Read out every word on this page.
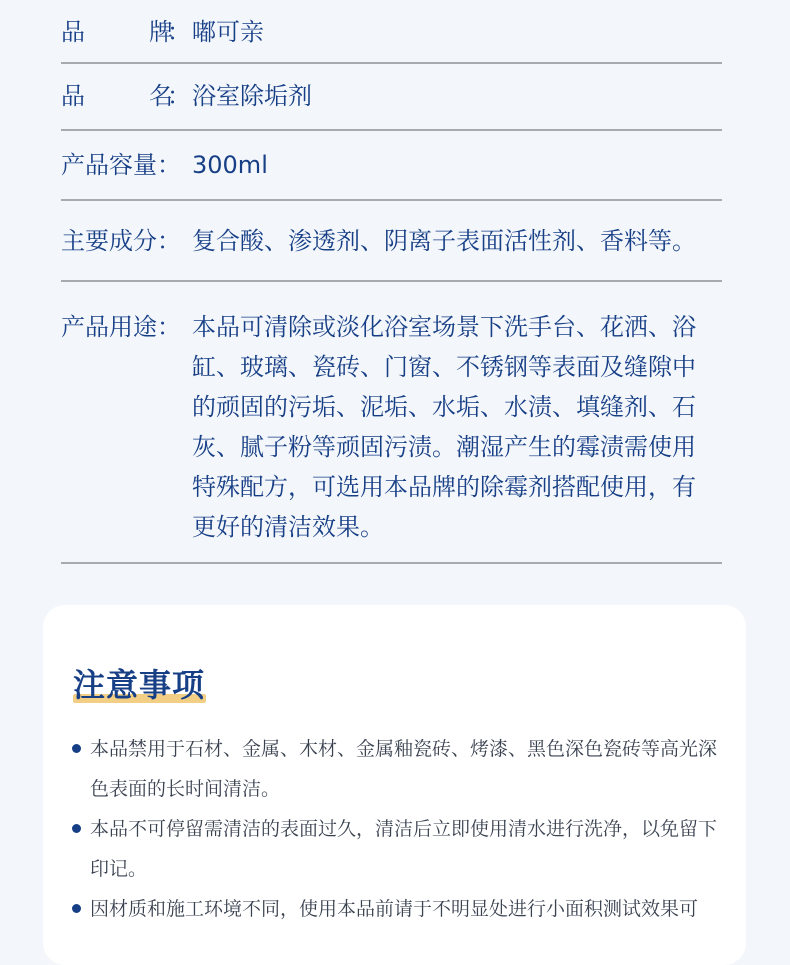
品	牌
： 嘟可亲
品	名
： 浴室除垢剂
产品容量： 300ml
主要成分： 复合酸、渗透剂、阴离子表面活性剂、香料等。
产品用途： 本品可清除或淡化浴室场景下洗手台、花洒、浴缸、玻璃、瓷砖、门窗、不锈钢等表面及缝隙中的顽固的污垢、泥垢、水垢、水渍、填缝剂、石灰、腻子粉等顽固污渍。潮湿产生的霉渍需使用特殊配方，可选用本品牌的除霉剂搭配使用，有更好的清洁效果。
注意事项
本品禁用于石材、金属、木材、金属釉瓷砖、烤漆、黑色深色瓷砖等高光深色表面的长时间清洁。
本品不可停留需清洁的表面过久，清洁后立即使用清水进行洗净，以免留下印记。
因材质和施工环境不同，使用本品前请于不明显处进行小面积测试效果可
